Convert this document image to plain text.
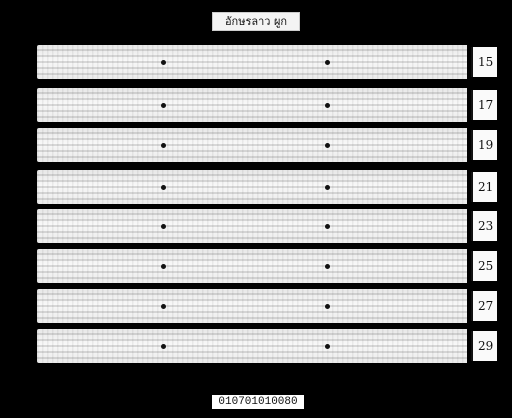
อักษรลาว ผูก
15
17
19
21
23
25
27
29
010701010080
